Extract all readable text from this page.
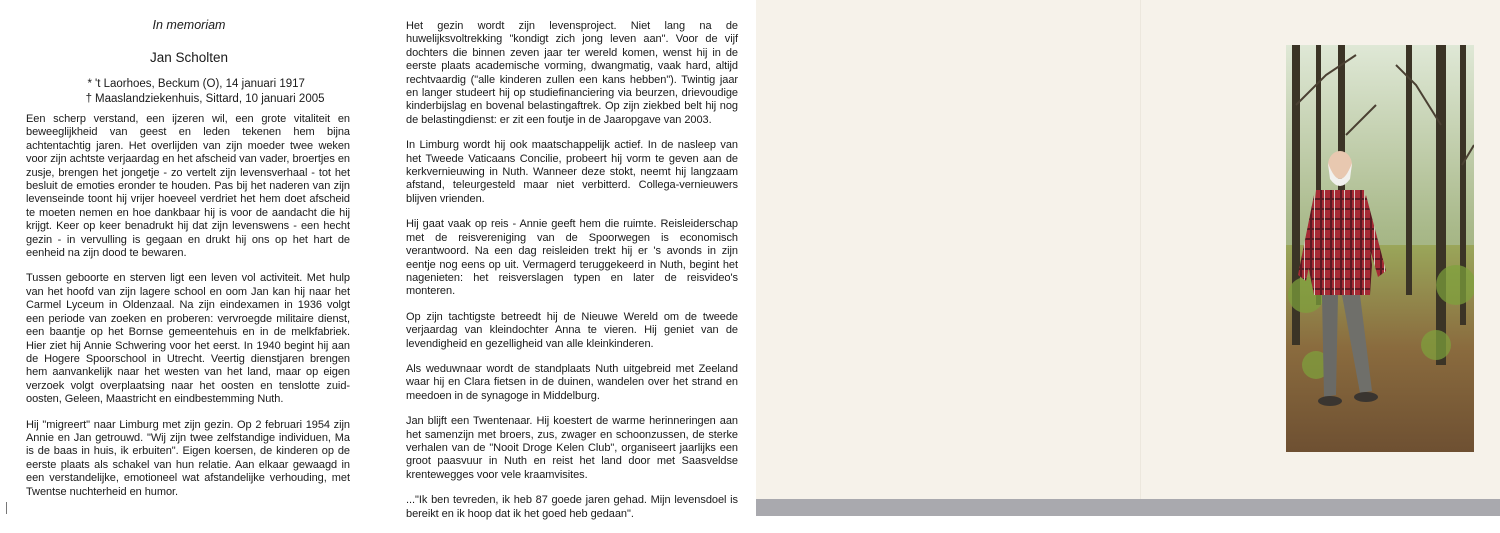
In memoriam
Jan Scholten
* 't Laorhoes, Beckum (O), 14 januari 1917
† Maaslandziekenhuis, Sittard, 10 januari 2005

Een scherp verstand, een ijzeren wil, een grote vitaliteit en beweeglijkheid van geest en leden tekenen hem bijna achtentachtig jaren. Het overlijden van zijn moeder twee weken voor zijn achtste verjaardag en het afscheid van vader, broertjes en zusje, brengen het jongetje - zo vertelt zijn levensverhaal - tot het besluit de emoties eronder te houden. Pas bij het naderen van zijn levenseinde toont hij vrijer hoeveel verdriet het hem doet afscheid te moeten nemen en hoe dankbaar hij is voor de aandacht die hij krijgt. Keer op keer benadrukt hij dat zijn levenswens - een hecht gezin - in vervulling is gegaan en drukt hij ons op het hart de eenheid na zijn dood te bewaren.

Tussen geboorte en sterven ligt een leven vol activiteit. Met hulp van het hoofd van zijn lagere school en oom Jan kan hij naar het Carmel Lyceum in Oldenzaal. Na zijn eindexamen in 1936 volgt een periode van zoeken en proberen: vervroegde militaire dienst, een baantje op het Bornse gemeentehuis en in de melkfabriek. Hier ziet hij Annie Schwering voor het eerst. In 1940 begint hij aan de Hogere Spoorschool in Utrecht. Veertig dienstjaren brengen hem aanvankelijk naar het westen van het land, maar op eigen verzoek volgt overplaatsing naar het oosten en tenslotte zuid-oosten, Geleen, Maastricht en eindbestemming Nuth.

Hij "migreert" naar Limburg met zijn gezin. Op 2 februari 1954 zijn Annie en Jan getrouwd. "Wij zijn twee zelfstandige individuen, Ma is de baas in huis, ik erbuiten". Eigen koersen, de kinderen op de eerste plaats als schakel van hun relatie. Aan elkaar gewaagd in een verstandelijke, emotioneel wat afstandelijke verhouding, met Twentse nuchterheid en humor.

Het gezin wordt zijn levensproject. Niet lang na de huwelijksvoltrekking "kondigt zich jong leven aan". Voor de vijf dochters die binnen zeven jaar ter wereld komen, wenst hij in de eerste plaats academische vorming, dwangmatig, vaak hard, altijd rechtvaardig ("alle kinderen zullen een kans hebben"). Twintig jaar en langer studeert hij op studiefinanciering via beurzen, drievoudige kinderbijslag en bovenal belastingaftrek. Op zijn ziekbed belt hij nog de belastingdienst: er zit een foutje in de Jaaropgave van 2003.

In Limburg wordt hij ook maatschappelijk actief. In de nasleep van het Tweede Vaticaans Concilie, probeert hij vorm te geven aan de kerkvernieuwing in Nuth. Wanneer deze stokt, neemt hij langzaam afstand, teleurgesteld maar niet verbitterd. Collega-vernieuwers blijven vrienden.

Hij gaat vaak op reis - Annie geeft hem die ruimte. Reisleiderschap met de reisvereniging van de Spoorwegen is economisch verantwoord. Na een dag reisleiden trekt hij er 's avonds in zijn eentje nog eens op uit. Vermagerd teruggekeerd in Nuth, begint het nagenieten: het reisverslagen typen en later de reisvideo's monteren.

Op zijn tachtigste betreedt hij de Nieuwe Wereld om de tweede verjaardag van kleindochter Anna te vieren. Hij geniet van de levendigheid en gezelligheid van alle kleinkinderen.

Als weduwnaar wordt de standplaats Nuth uitgebreid met Zeeland waar hij en Clara fietsen in de duinen, wandelen over het strand en meedoen in de synagoge in Middelburg.

Jan blijft een Twentenaar. Hij koestert de warme herinneringen aan het samenzijn met broers, zus, zwager en schoonzussen, de sterke verhalen van de "Nooit Droge Kelen Club", organiseert jaarlijks een groot paasvuur in Nuth en reist het land door met Saasveldse krentewegges voor vele kraamvisites.

..."Ik ben tevreden, ik heb 87 goede jaren gehad. Mijn levensdoel is bereikt en ik hoop dat ik het goed heb gedaan".
